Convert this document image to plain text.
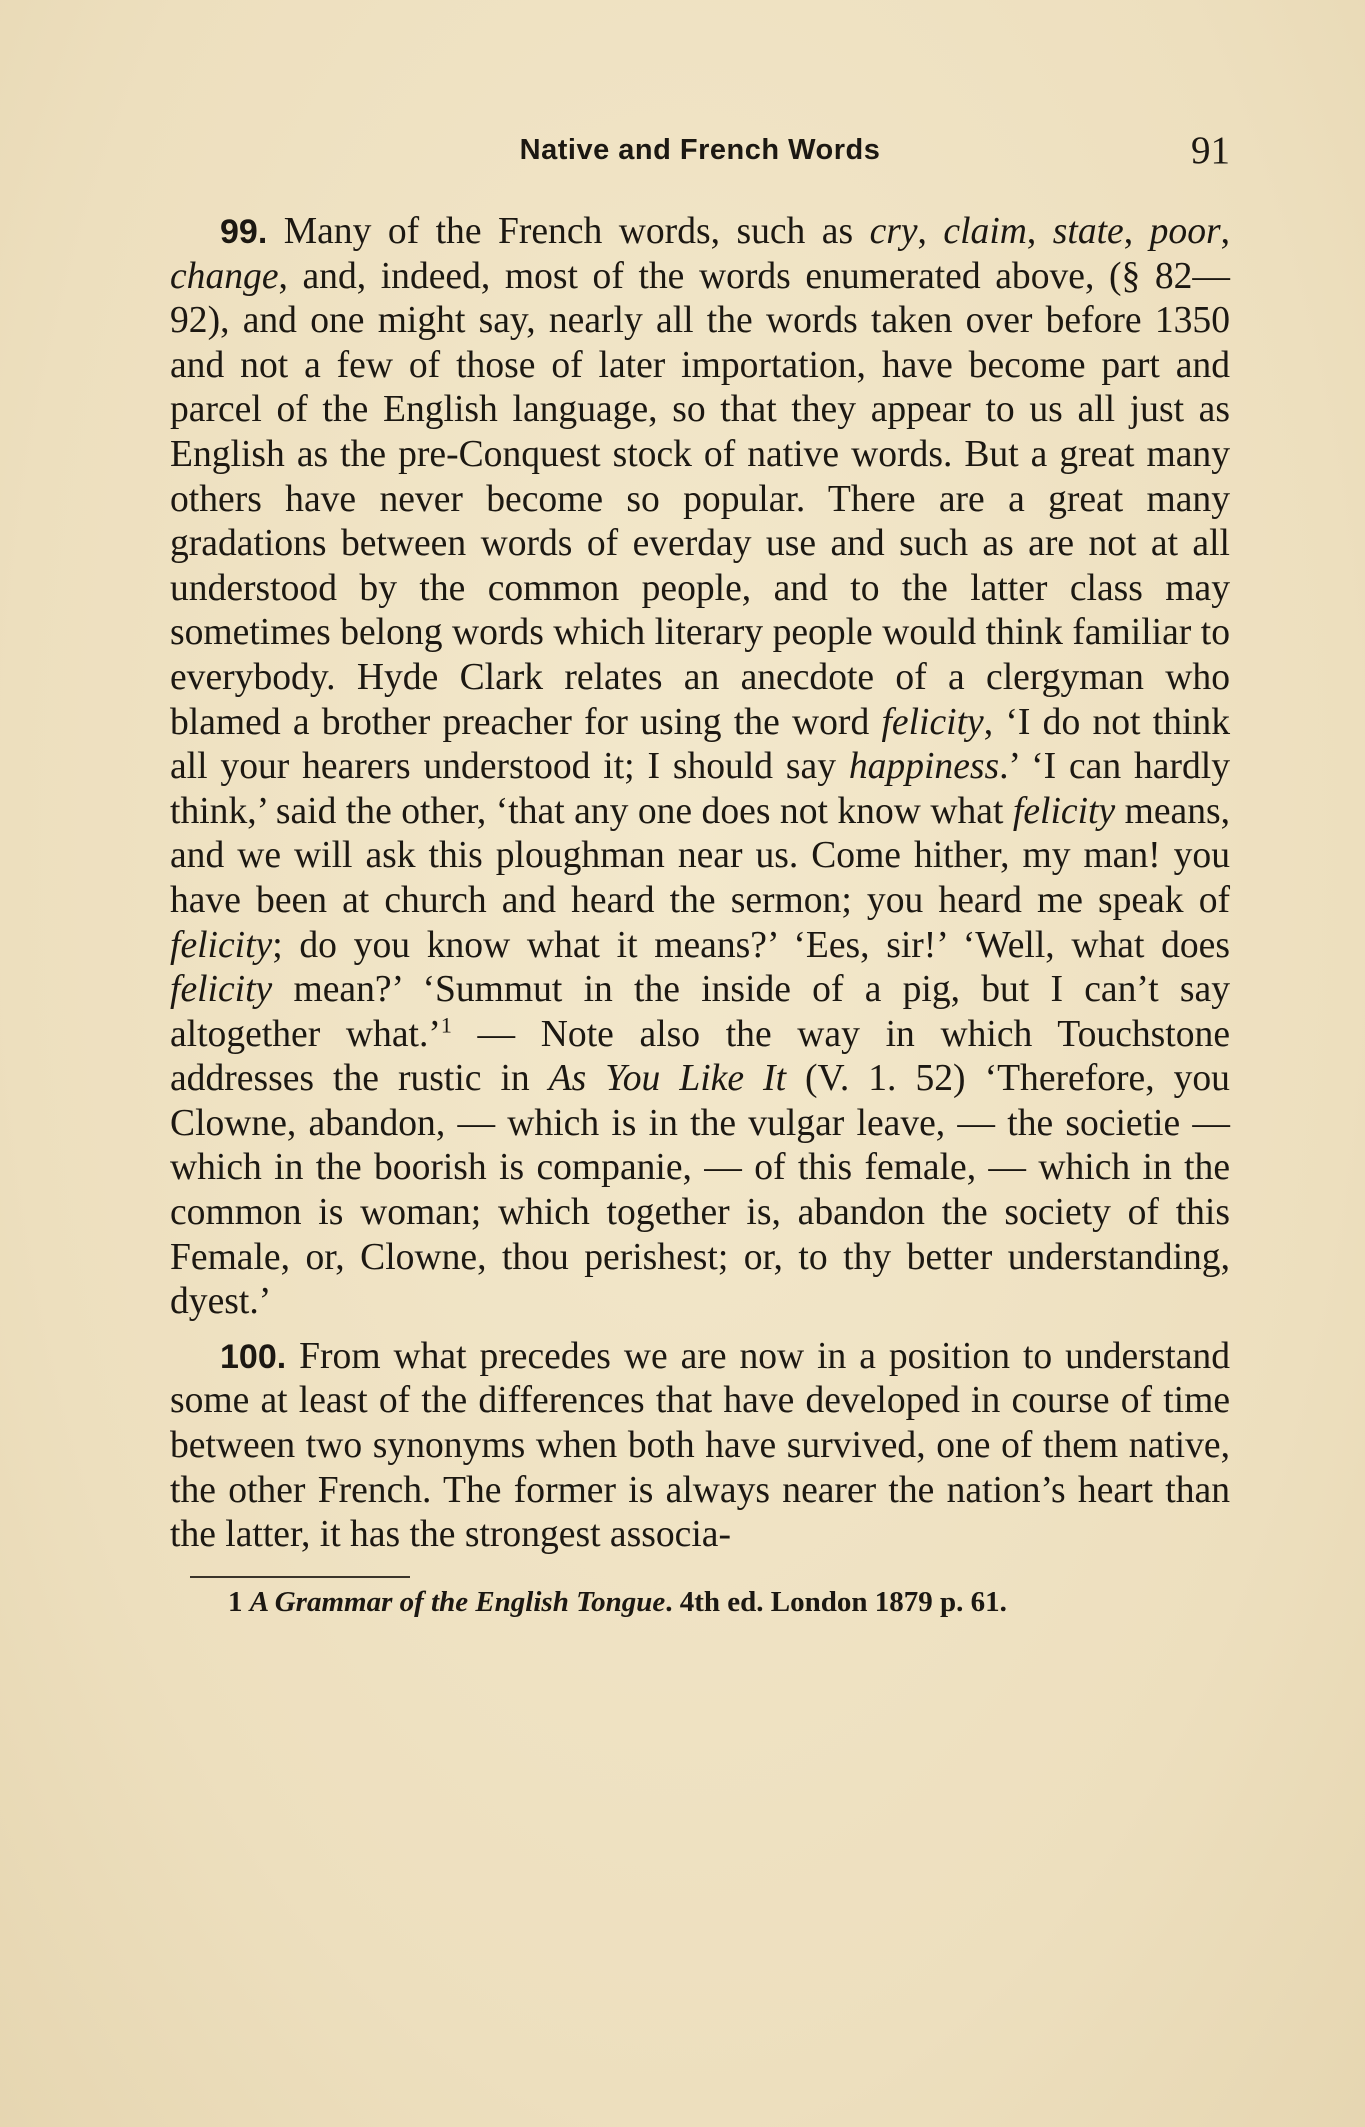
Native and French Words	91

99. Many of the French words, such as cry, claim, state, poor, change, and, indeed, most of the words enumerated above, (§ 82—92), and one might say, nearly all the words taken over before 1350 and not a few of those of later importation, have become part and parcel of the English language, so that they appear to us all just as English as the pre-Conquest stock of native words. But a great many others have never become so popular. There are a great many gradations between words of everday use and such as are not at all understood by the common people, and to the latter class may sometimes belong words which literary people would think familiar to everybody. Hyde Clark relates an anecdote of a clergyman who blamed a brother preacher for using the word felicity, ‘I do not think all your hearers understood it; I should say happiness.’ ‘I can hardly think,’ said the other, ‘that any one does not know what felicity means, and we will ask this ploughman near us. Come hither, my man! you have been at church and heard the sermon; you heard me speak of felicity; do you know what it means?’ ‘Ees, sir!’ ‘Well, what does felicity mean?’ ‘Summut in the inside of a pig, but I can’t say altogether what.’$^1$ — Note also the way in which Touchstone addresses the rustic in As You Like It (V. 1. 52) ‘Therefore, you Clowne, abandon, — which is in the vulgar leave, — the societie — which in the boorish is companie, — of this female, — which in the common is woman; which together is, abandon the society of this Female, or, Clowne, thou perishest; or, to thy better understanding, dyest.’

100. From what precedes we are now in a position to understand some at least of the differences that have developed in course of time between two synonyms when both have survived, one of them native, the other French. The former is always nearer the nation’s heart than the latter, it has the strongest associa-

1 A Grammar of the English Tongue. 4th ed. London 1879 p. 61.
